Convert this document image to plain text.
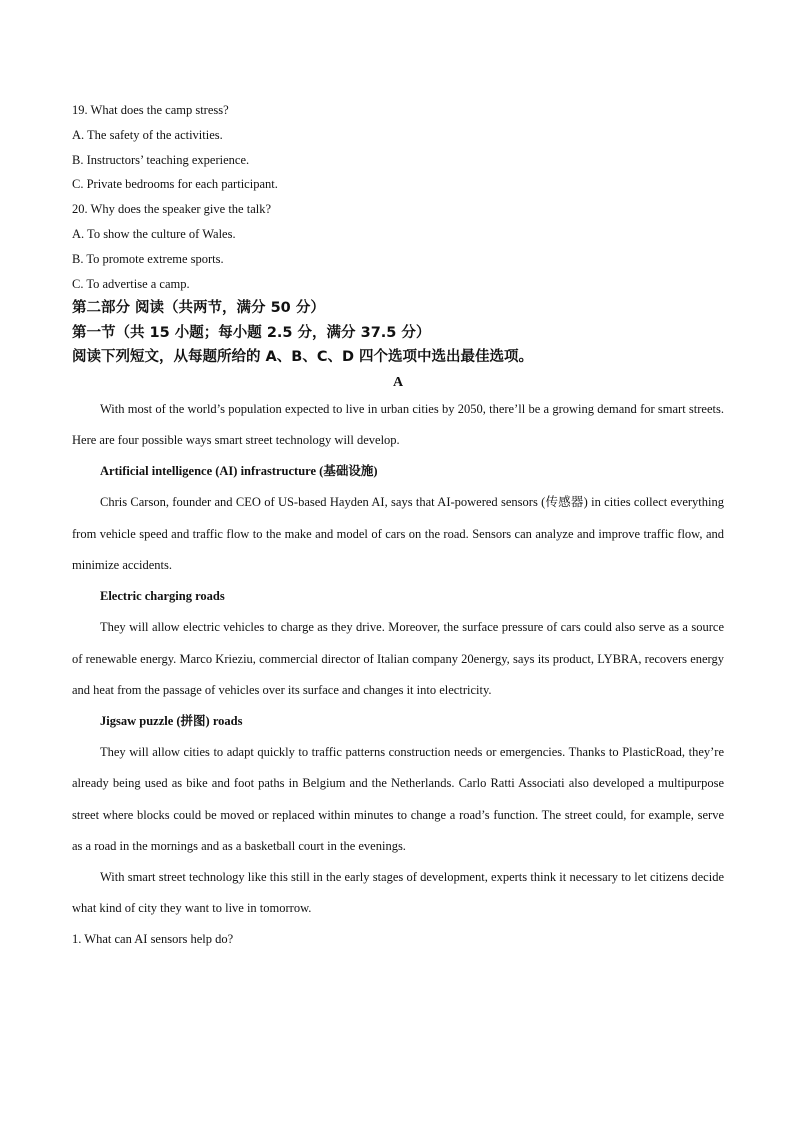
19. What does the camp stress?
A. The safety of the activities.
B. Instructors’ teaching experience.
C. Private bedrooms for each participant.
20. Why does the speaker give the talk?
A. To show the culture of Wales.
B. To promote extreme sports.
C. To advertise a camp.
第二部分 阅读（共两节，满分 50 分）
第一节（共 15 小题；每小题 2.5 分，满分 37.5 分）
阅读下列短文，从每题所给的 A、B、C、D 四个选项中选出最佳选项。
A

With most of the world’s population expected to live in urban cities by 2050, there’ll be a growing demand for smart streets. Here are four possible ways smart street technology will develop.

Artificial intelligence (AI) infrastructure (基础设施)

Chris Carson, founder and CEO of US-based Hayden AI, says that AI-powered sensors (传感器) in cities collect everything from vehicle speed and traffic flow to the make and model of cars on the road. Sensors can analyze and improve traffic flow, and minimize accidents.

Electric charging roads

They will allow electric vehicles to charge as they drive. Moreover, the surface pressure of cars could also serve as a source of renewable energy. Marco Kriezіu, commercial director of Italian company 20energy, says its product, LYBRA, recovers energy and heat from the passage of vehicles over its surface and changes it into electricity.

Jigsaw puzzle (拼图) roads

They will allow cities to adapt quickly to traffic patterns construction needs or emergencies. Thanks to PlasticRoad, they’re already being used as bike and foot paths in Belgium and the Netherlands. Carlo Ratti Associati also developed a multipurpose street where blocks could be moved or replaced within minutes to change a road’s function. The street could, for example, serve as a road in the mornings and as a basketball court in the evenings.

With smart street technology like this still in the early stages of development, experts think it necessary to let citizens decide what kind of city they want to live in tomorrow.

1. What can AI sensors help do?
